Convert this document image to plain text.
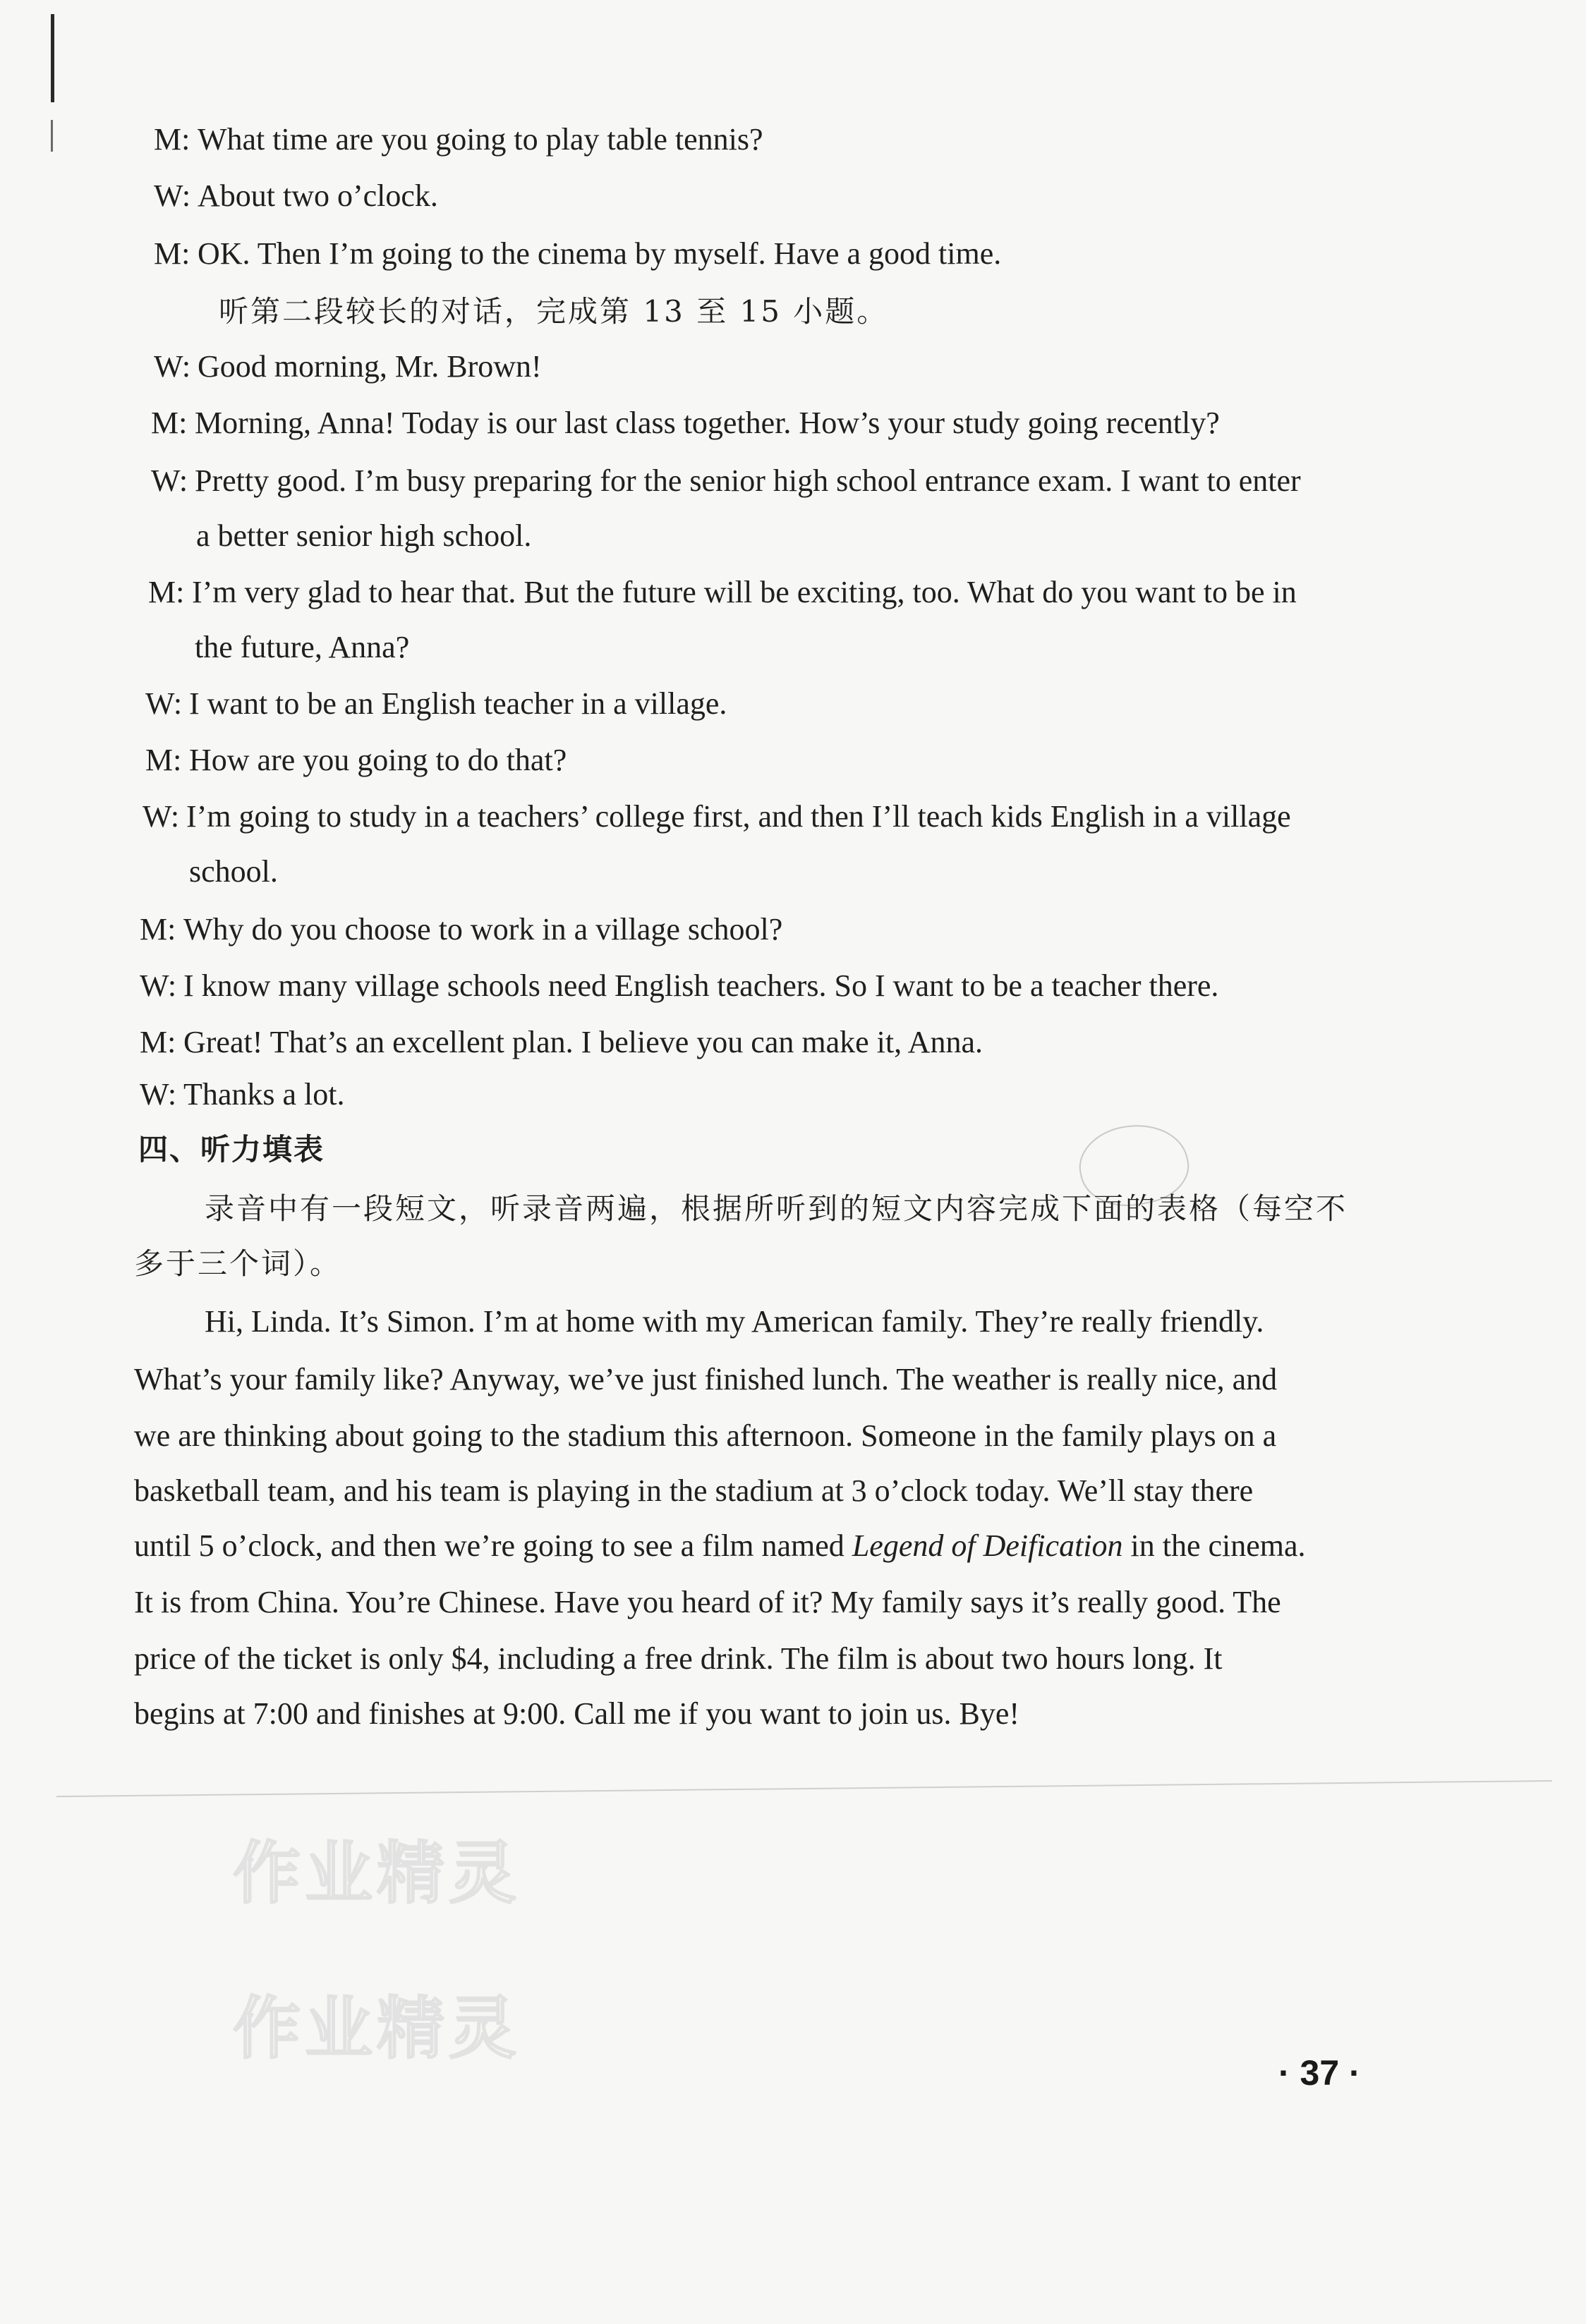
M: What time are you going to play table tennis?
W: About two o’clock.
M: OK. Then I’m going to the cinema by myself. Have a good time.
听第二段较长的对话，完成第 13 至 15 小题。
W: Good morning, Mr. Brown!
M: Morning, Anna! Today is our last class together. How’s your study going recently?
W: Pretty good. I’m busy preparing for the senior high school entrance exam. I want to enter
a better senior high school.
M: I’m very glad to hear that. But the future will be exciting, too. What do you want to be in
the future, Anna?
W: I want to be an English teacher in a village.
M: How are you going to do that?
W: I’m going to study in a teachers’ college first, and then I’ll teach kids English in a village
school.
M: Why do you choose to work in a village school?
W: I know many village schools need English teachers. So I want to be a teacher there.
M: Great! That’s an excellent plan. I believe you can make it, Anna.
W: Thanks a lot.
四、听力填表
录音中有一段短文，听录音两遍，根据所听到的短文内容完成下面的表格（每空不
多于三个词）。
Hi, Linda. It’s Simon. I’m at home with my American family. They’re really friendly.
What’s your family like? Anyway, we’ve just finished lunch. The weather is really nice, and
we are thinking about going to the stadium this afternoon. Someone in the family plays on a
basketball team, and his team is playing in the stadium at 3 o’clock today. We’ll stay there
until 5 o’clock, and then we’re going to see a film named Legend of Deification in the cinema.
It is from China. You’re Chinese. Have you heard of it? My family says it’s really good. The
price of the ticket is only $4, including a free drink. The film is about two hours long. It
begins at 7:00 and finishes at 9:00. Call me if you want to join us. Bye!
作业精灵
作业精灵
· 37 ·
